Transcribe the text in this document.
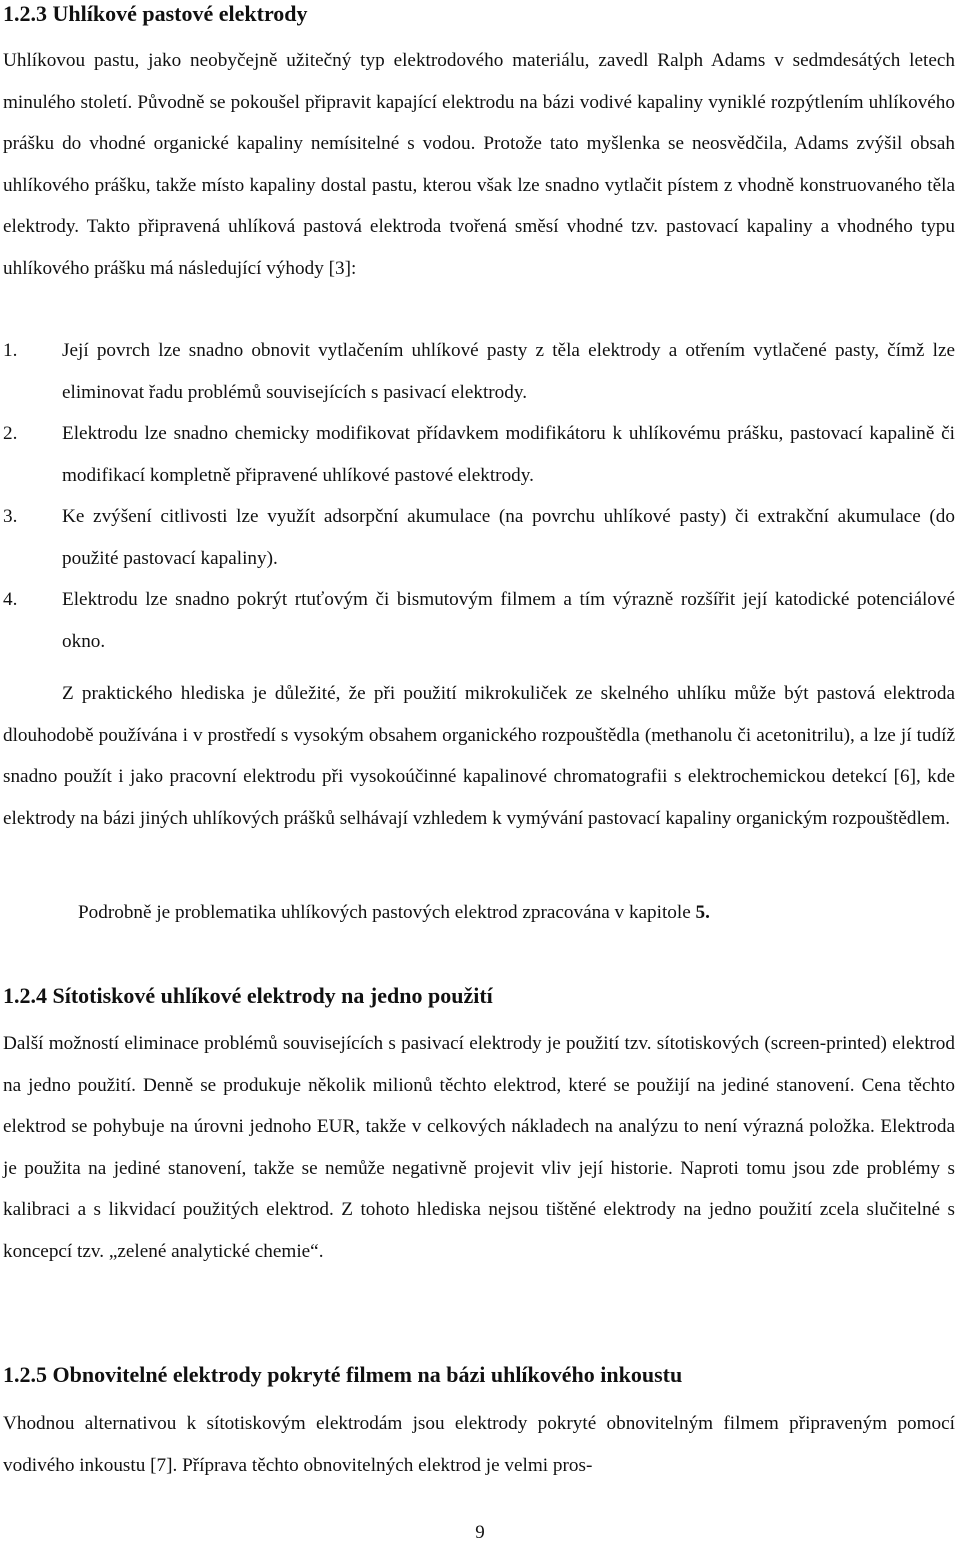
1.2.3 Uhlíkové pastové elektrody

Uhlíkovou pastu, jako neobyčejně užitečný typ elektrodového materiálu, zavedl Ralph Adams v sedmdesátých letech minulého století. Původně se pokoušel připravit kapající elektrodu na bázi vodivé kapaliny vyniklé rozpýtlením uhlíkového prášku do vhodné organické kapaliny nemísitelné s vodou. Protože tato myšlenka se neosvědčila, Adams zvýšil obsah uhlíkového prášku, takže místo kapaliny dostal pastu, kterou však lze snadno vytlačit pístem z vhodně konstruovaného těla elektrody. Takto připravená uhlíková pastová elektroda tvořená směsí vhodné tzv. pastovací kapaliny a vhodného typu uhlíkového prášku má následující výhody [3]:

1. Její povrch lze snadno obnovit vytlačením uhlíkové pasty z těla elektrody a otřením vytlačené pasty, čímž lze eliminovat řadu problémů souvisejících s pasivací elektrody.
2. Elektrodu lze snadno chemicky modifikovat přídavkem modifikátoru k uhlíkovému prášku, pastovací kapalině či modifikací kompletně připravené uhlíkové pastové elektrody.
3. Ke zvýšení citlivosti lze využít adsorpční akumulace (na povrchu uhlíkové pasty) či extrakční akumulace (do použité pastovací kapaliny).
4. Elektrodu lze snadno pokrýt rtuťovým či bismutovým filmem a tím výrazně rozšířit její katodické potenciálové okno.

Z praktického hlediska je důležité, že při použití mikrokuliček ze skelného uhlíku může být pastová elektroda dlouhodobě používána i v prostředí s vysokým obsahem organického rozpouštědla (methanolu či acetonitrilu), a lze jí tudíž snadno použít i jako pracovní elektrodu při vysokoúčinné kapalinové chromatografii s elektrochemickou detekcí [6], kde elektrody na bázi jiných uhlíkových prášků selhávají vzhledem k vymývání pastovací kapaliny organickým rozpouštědlem.

Podrobně je problematika uhlíkových pastových elektrod zpracována v kapitole 5.

1.2.4 Sítotiskové uhlíkové elektrody na jedno použití

Další možností eliminace problémů souvisejících s pasivací elektrody je použití tzv. sítotiskových (screen-printed) elektrod na jedno použití. Denně se produkuje několik milionů těchto elektrod, které se použijí na jediné stanovení. Cena těchto elektrod se pohybuje na úrovni jednoho EUR, takže v celkových nákladech na analýzu to není výrazná položka. Elektroda je použita na jediné stanovení, takže se nemůže negativně projevit vliv její historie. Naproti tomu jsou zde problémy s kalibraci a s likvidací použitých elektrod. Z tohoto hlediska nejsou tištěné elektrody na jedno použití zcela slučitelné s koncepcí tzv. „zelené analytické chemie“.

1.2.5 Obnovitelné elektrody pokryté filmem na bázi uhlíkového inkoustu

Vhodnou alternativou k sítotiskovým elektrodám jsou elektrody pokryté obnovitelným filmem připraveným pomocí vodivého inkoustu [7]. Příprava těchto obnovitelných elektrod je velmi pros-

9
